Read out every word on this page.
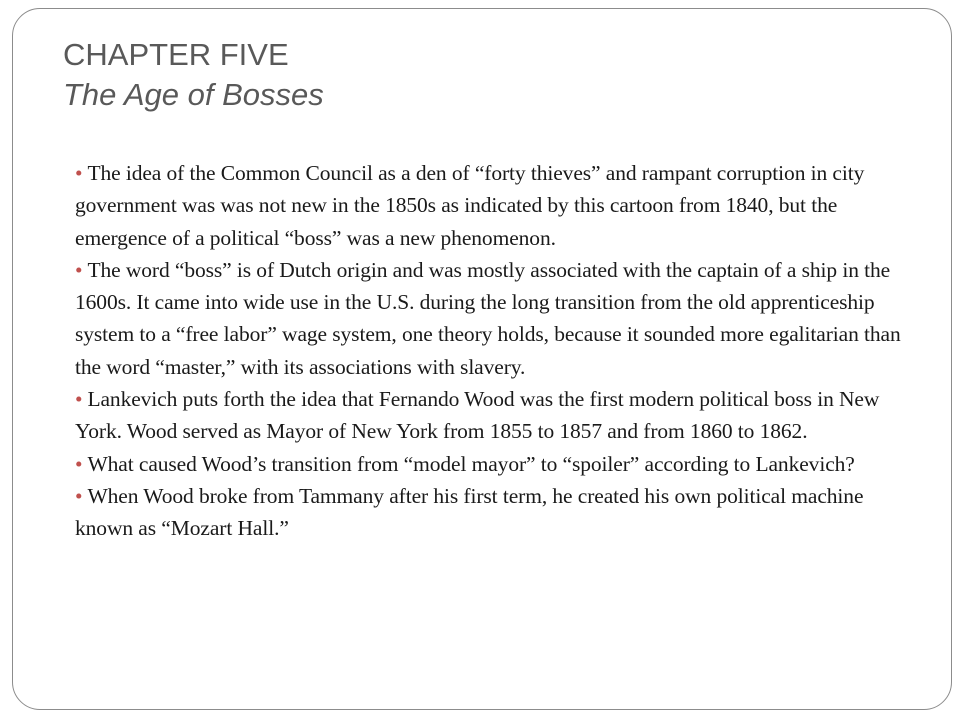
CHAPTER FIVE
The Age of Bosses

• The idea of the Common Council as a den of “forty thieves” and rampant corruption in city government was was not new in the 1850s as indicated by this cartoon from 1840, but the emergence of a political “boss” was a new phenomenon.

• The word “boss” is of Dutch origin and was mostly associated with the captain of a ship in the 1600s. It came into wide use in the U.S. during the long transition from the old apprenticeship system to a “free labor” wage system, one theory holds, because it sounded more egalitarian than the word “master,” with its associations with slavery.

• Lankevich puts forth the idea that Fernando Wood was the first modern political boss in New York. Wood served as Mayor of New York from 1855 to 1857 and from 1860 to 1862.

• What caused Wood’s transition from “model mayor” to “spoiler” according to Lankevich?

• When Wood broke from Tammany after his first term, he created his own political machine known as “Mozart Hall.”
